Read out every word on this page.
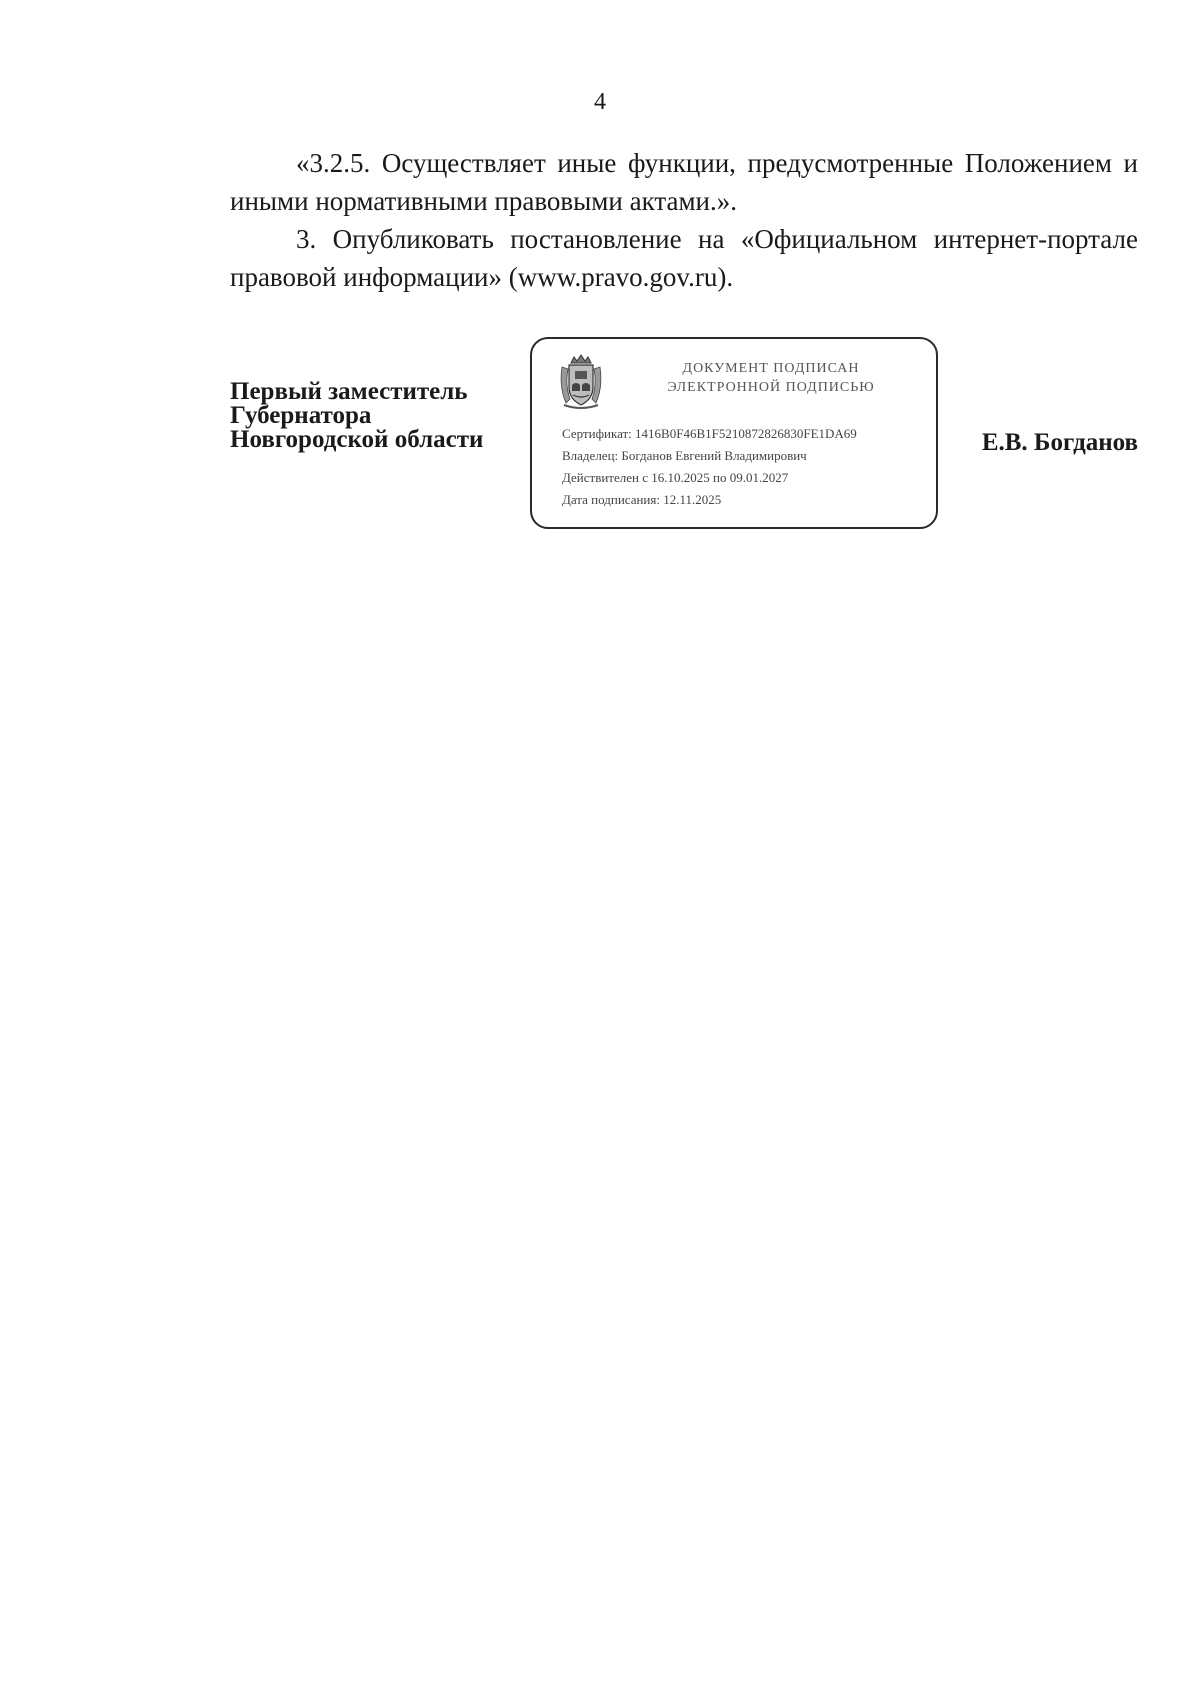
4

«3.2.5. Осуществляет иные функции, предусмотренные Положением и иными нормативными правовыми актами.».

3. Опубликовать постановление на «Официальном интернет-портале правовой информации» (www.pravo.gov.ru).

Первый заместитель
Губернатора
Новгородской области
ДОКУМЕНТ ПОДПИСАН
ЭЛЕКТРОННОЙ ПОДПИСЬЮ
Сертификат: 1416B0F46B1F5210872826830FE1DA69
Владелец: Богданов Евгений Владимирович
Действителен с 16.10.2025 по 09.01.2027
Дата подписания: 12.11.2025
Е.В. Богданов
